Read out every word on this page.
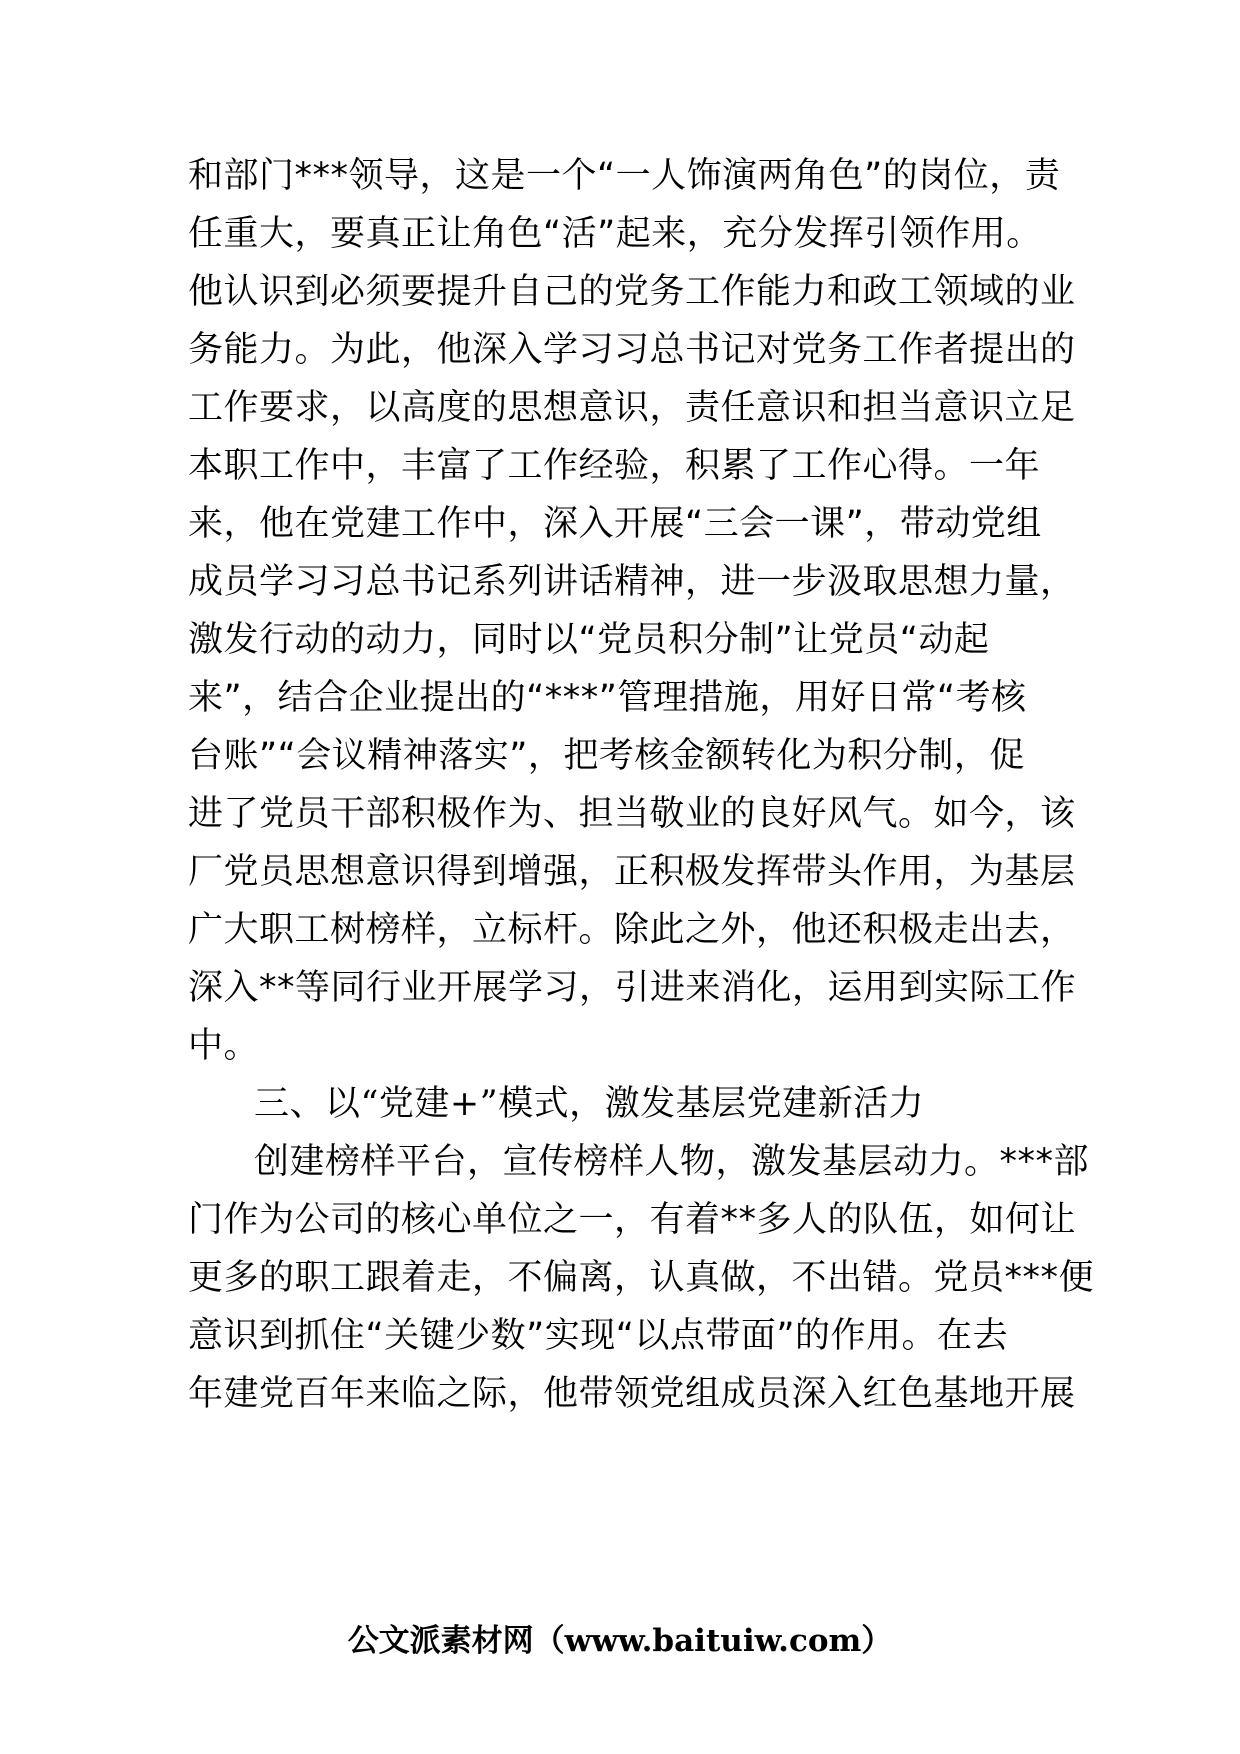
和部门***领导，这是一个“一人饰演两角色”的岗位，责
任重大，要真正让角色“活”起来，充分发挥引领作用。
他认识到必须要提升自己的党务工作能力和政工领域的业
务能力。为此，他深入学习习总书记对党务工作者提出的
工作要求，以高度的思想意识，责任意识和担当意识立足
本职工作中，丰富了工作经验，积累了工作心得。一年
来，他在党建工作中，深入开展“三会一课”，带动党组
成员学习习总书记系列讲话精神，进一步汲取思想力量，
激发行动的动力，同时以“党员积分制”让党员“动起
来”，结合企业提出的“***”管理措施，用好日常“考核
台账”“会议精神落实”，把考核金额转化为积分制，促
进了党员干部积极作为、担当敬业的良好风气。如今，该
厂党员思想意识得到增强，正积极发挥带头作用，为基层
广大职工树榜样，立标杆。除此之外，他还积极走出去，
深入**等同行业开展学习，引进来消化，运用到实际工作
中。
三、以“党建+”模式，激发基层党建新活力
创建榜样平台，宣传榜样人物，激发基层动力。***部
门作为公司的核心单位之一，有着**多人的队伍，如何让
更多的职工跟着走，不偏离，认真做，不出错。党员***便
意识到抓住“关键少数”实现“以点带面”的作用。在去
年建党百年来临之际，他带领党组成员深入红色基地开展
公文派素材网（www.baituiw.com）
